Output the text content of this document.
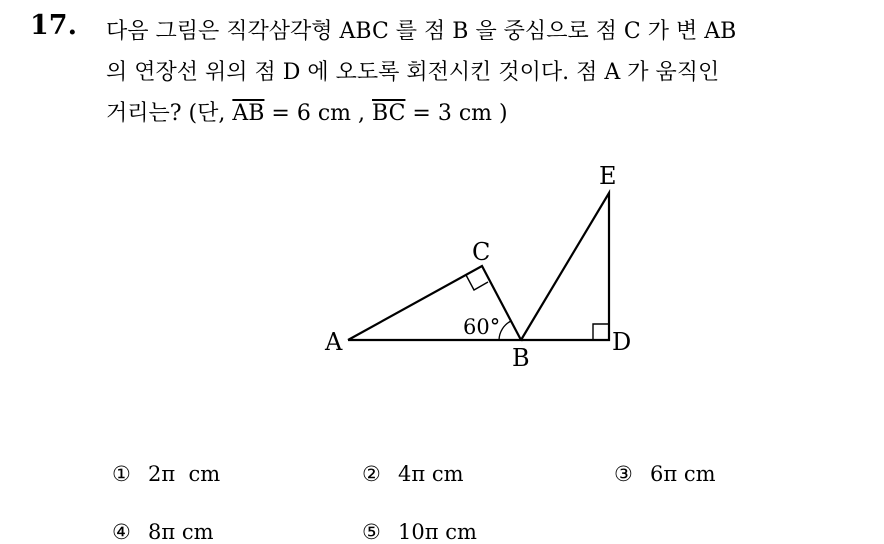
17. 다음 그림은 직각삼각형 ABC 를 점 B 을 중심으로 점 C 가 변 AB
의 연장선 위의 점 D 에 오도록 회전시킨 것이다. 점 A 가 움직인
거리는? (단, $\overline{AB} = 6$ cm , $\overline{BC} = 3$ cm )
A
B
C
D
E
60°
① 2π  cm	② 4π cm	③ 6π cm
④ 8π cm	⑤ 10π cm
